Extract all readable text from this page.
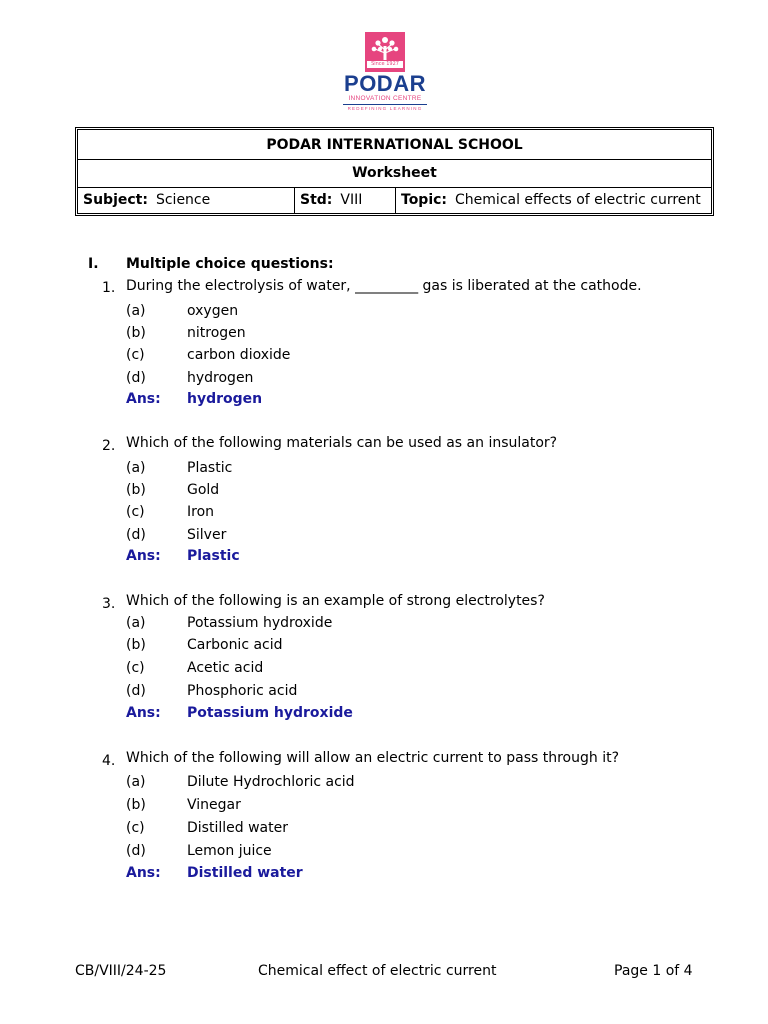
Since 1927
PODAR
INNOVATION CENTRE
REDEFINING LEARNING
PODAR INTERNATIONAL SCHOOL
Worksheet
Subject: Science	Std: VIII	Topic: Chemical effects of electric current
I. Multiple choice questions:
1. During the electrolysis of water, _________ gas is liberated at the cathode.
(a)	oxygen
(b)	nitrogen
(c)	carbon dioxide
(d)	hydrogen
Ans: hydrogen
2. Which of the following materials can be used as an insulator?
(a)	Plastic
(b)	Gold
(c)	Iron
(d)	Silver
Ans: Plastic
3. Which of the following is an example of strong electrolytes?
(a)	Potassium hydroxide
(b)	Carbonic acid
(c)	Acetic acid
(d)	Phosphoric acid
Ans: Potassium hydroxide
4. Which of the following will allow an electric current to pass through it?
(a)	Dilute Hydrochloric acid
(b)	Vinegar
(c)	Distilled water
(d)	Lemon juice
Ans: Distilled water
CB/VIII/24-25	Chemical effect of electric current	Page 1 of 4
